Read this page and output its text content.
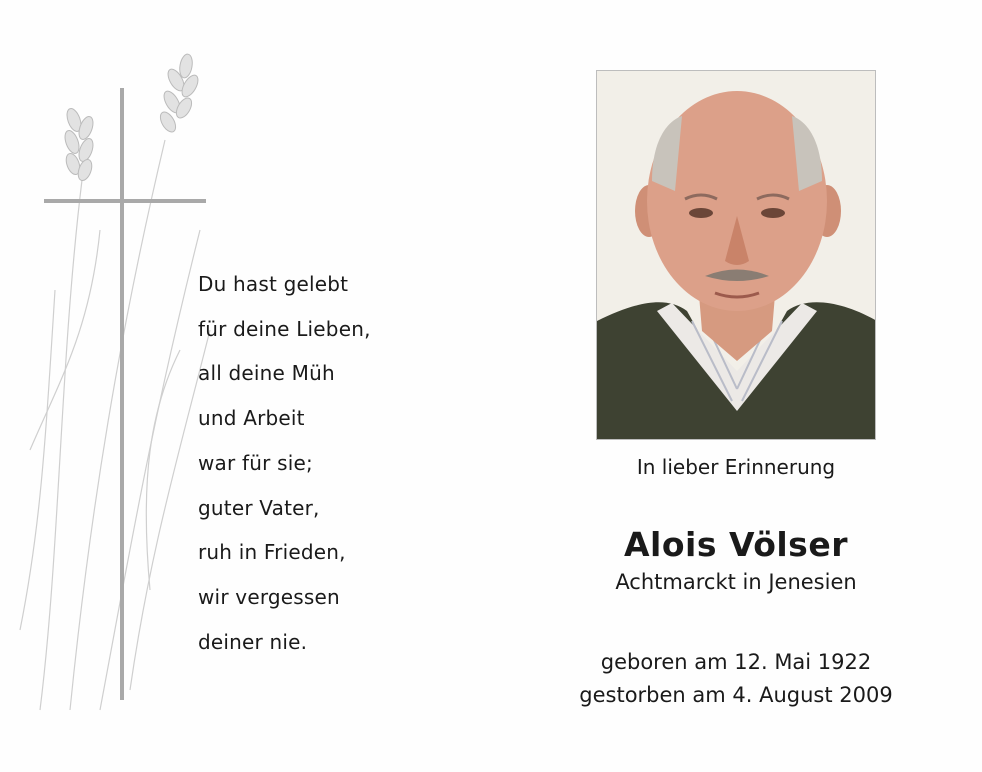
Du hast gelebt
für deine Lieben,
all deine Müh
und Arbeit
war für sie;
guter Vater,
ruh in Frieden,
wir vergessen
deiner nie.
In lieber Erinnerung
Alois Völser
Achtmarckt in Jenesien
geboren am 12. Mai 1922
gestorben am 4. August 2009
